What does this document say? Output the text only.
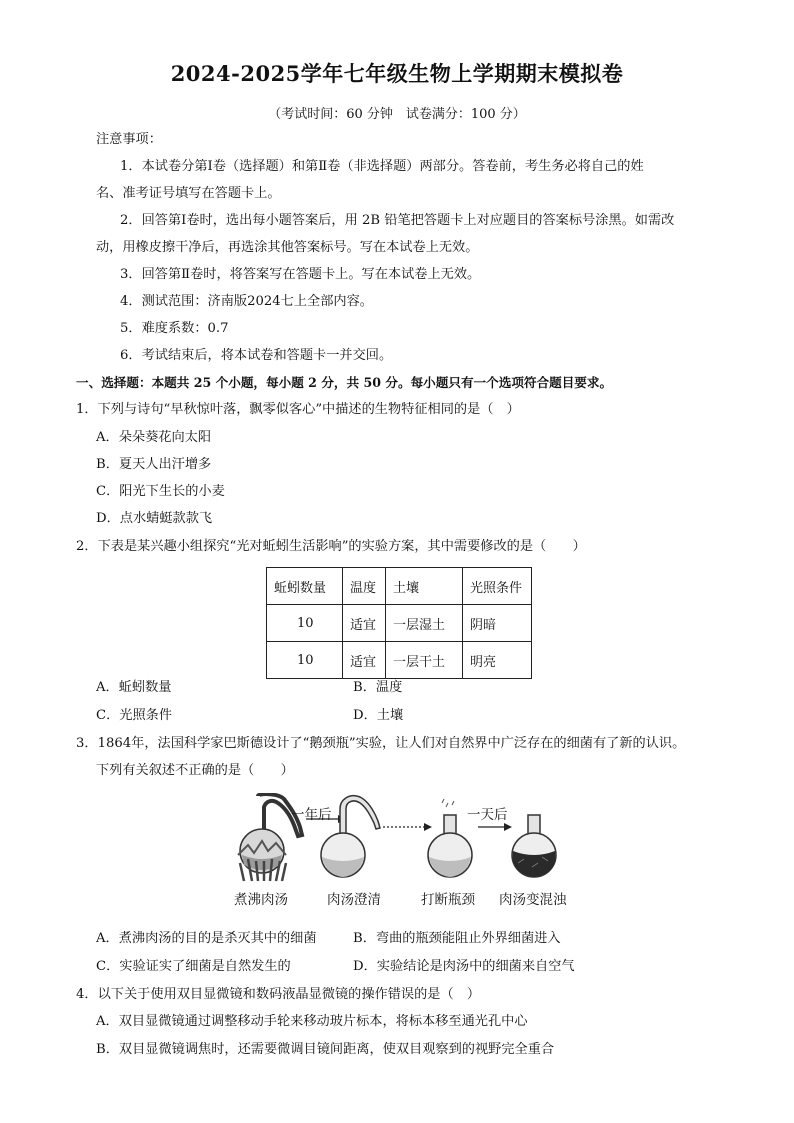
2024-2025学年七年级生物上学期期末模拟卷
（考试时间：60 分钟　试卷满分：100 分）
注意事项：
1．本试卷分第Ⅰ卷（选择题）和第Ⅱ卷（非选择题）两部分。答卷前，考生务必将自己的姓
名、准考证号填写在答题卡上。
2．回答第Ⅰ卷时，选出每小题答案后，用 2B 铅笔把答题卡上对应题目的答案标号涂黑。如需改
动，用橡皮擦干净后，再选涂其他答案标号。写在本试卷上无效。
3．回答第Ⅱ卷时，将答案写在答题卡上。写在本试卷上无效。
4．测试范围：济南版2024七上全部内容。
5．难度系数：0.7
6．考试结束后，将本试卷和答题卡一并交回。
一、选择题：本题共 25 个小题，每小题 2 分，共 50 分。每小题只有一个选项符合题目要求。
1．下列与诗句“早秋惊叶落，飘零似客心”中描述的生物特征相同的是（　）
A．朵朵葵花向太阳
B．夏天人出汗增多
C．阳光下生长的小麦
D．点水蜻蜓款款飞
2．下表是某兴趣小组探究“光对蚯蚓生活影响”的实验方案，其中需要修改的是（　　）
蚯蚓数量	温度	土壤	光照条件
10	适宜	一层湿土	阴暗
10	适宜	一层干土	明亮
A．蚯蚓数量	B．温度
C．光照条件	D．土壤
3．1864年，法国科学家巴斯德设计了“鹅颈瓶”实验，让人们对自然界中广泛存在的细菌有了新的认识。
下列有关叙述不正确的是（　　）
一年后	一天后
煮沸肉汤	肉汤澄清	打断瓶颈 肉汤变混浊
A．煮沸肉汤的目的是杀灭其中的细菌	B．弯曲的瓶颈能阻止外界细菌进入
C．实验证实了细菌是自然发生的	D．实验结论是肉汤中的细菌来自空气
4．以下关于使用双目显微镜和数码液晶显微镜的操作错误的是（　）
A．双目显微镜通过调整移动手轮来移动玻片标本，将标本移至通光孔中心
B．双目显微镜调焦时，还需要微调目镜间距离，使双目观察到的视野完全重合
